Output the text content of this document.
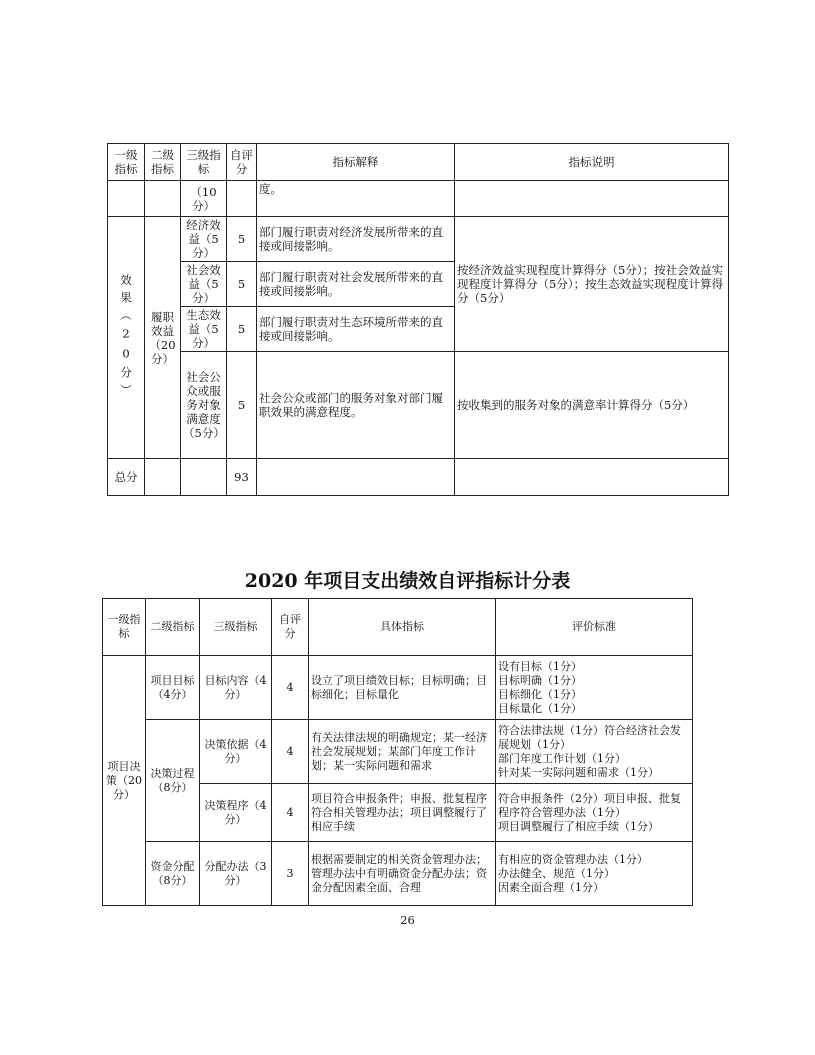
一级指标	二级指标	三级指标	自评分	指标解释	指标说明
		（10分）		度。	

效果（20分）	履职效益（20分）	经济效益（5分）	5	部门履行职责对经济发展所带来的直接或间接影响。	按经济效益实现程度计算得分（5分）；按社会效益实现程度计算得分（5分）；按生态效益实现程度计算得分（5分）
		社会效益（5分）	5	部门履行职责对社会发展所带来的直接或间接影响。	
		生态效益（5分）	5	部门履行职责对生态环境所带来的直接或间接影响。	
		社会公众或服务对象满意度（5分）	5	社会公众或部门的服务对象对部门履职效果的满意程度。	按收集到的服务对象的满意率计算得分（5分）
总分			93		
2020 年项目支出绩效自评指标计分表
一级指标	二级指标	三级指标	自评分	具体指标	评价标准
项目决策（20分）	项目目标（4分）	目标内容（4分）	4	设立了项目绩效目标；目标明确；目标细化；目标量化	设有目标（1分）
目标明确（1分）
目标细化（1分）
目标量化（1分）

	决策过程（8分）	决策依据（4分）	4	有关法律法规的明确规定；某一经济社会发展规划；某部门年度工作计划；某一实际问题和需求	符合法律法规（1分）符合经济社会发展规划（1分）
部门年度工作计划（1分）
针对某一实际问题和需求（1分）

		决策程序（4分）	4	项目符合申报条件；申报、批复程序符合相关管理办法；项目调整履行了相应手续	符合申报条件（2分）项目申报、批复程序符合管理办法（1分）
项目调整履行了相应手续（1分）

	资金分配（8分）	分配办法（3分）	3	根据需要制定的相关资金管理办法；管理办法中有明确资金分配办法；资金分配因素全面、合理	有相应的资金管理办法（1分）
办法健全、规范（1分）
因素全面合理（1分）
26
